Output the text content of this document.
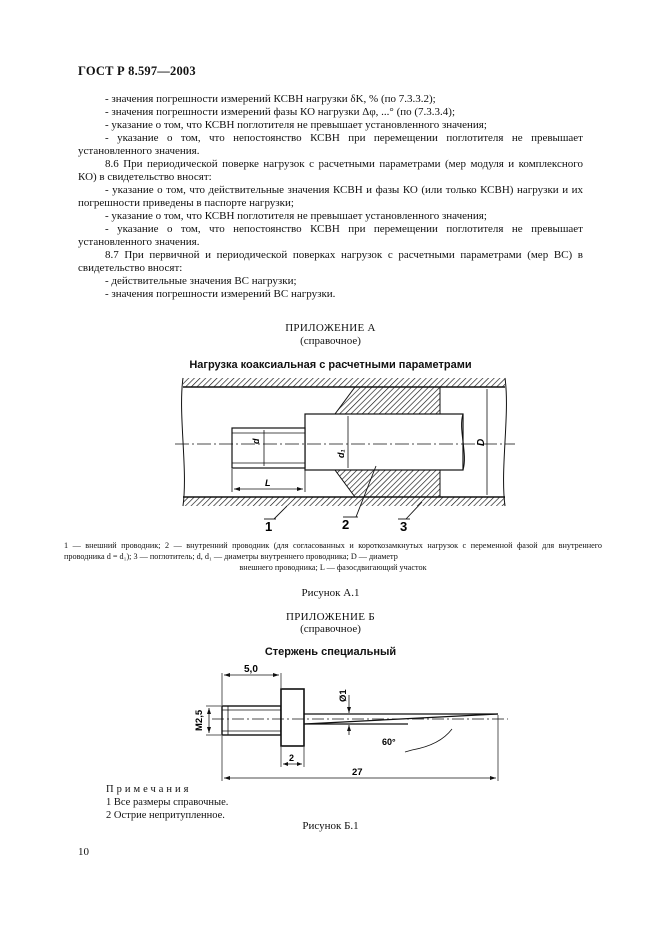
ГОСТ Р 8.597—2003
- значения погрешности измерений КСВН нагрузки δK, % (по 7.3.3.2);
- значения погрешности измерений фазы КО нагрузки Δφ, ...° (по (7.3.3.4);
- указание о том, что КСВН поглотителя не превышает установленного значения;
- указание о том, что непостоянство КСВН при перемещении поглотителя не превышает установленного значения.
8.6 При периодической поверке нагрузок с расчетными параметрами (мер модуля и комплексного КО) в свидетельство вносят:
- указание о том, что действительные значения КСВН и фазы КО (или только КСВН) нагрузки и их погрешности приведены в паспорте нагрузки;
- указание о том, что КСВН поглотителя не превышает установленного значения;
- указание о том, что непостоянство КСВН при перемещении поглотителя не превышает установленного значения.
8.7 При первичной и периодической поверках нагрузок с расчетными параметрами (мер ВС) в свидетельство вносят:
- действительные значения ВС нагрузки;
- значения погрешности измерений ВС нагрузки.
ПРИЛОЖЕНИЕ А
(справочное)
Нагрузка коаксиальная с расчетными параметрами
d
d₁
D
L
1	2	3
1 — внешний проводник; 2 — внутренний проводник (для согласованных и короткозамкнутых нагрузок с переменной фазой для внутреннего проводника d = d₁); 3 — поглотитель; d, d₁ — диаметры внутреннего проводника; D — диаметр
внешнего проводника; L — фазосдвигающий участок
Рисунок А.1
ПРИЛОЖЕНИЕ Б
(справочное)
Стержень специальный
5,0
M2,5
Ø1
60°
2
27
Примечания
1 Все размеры справочные.
2 Острие непритупленное.
Рисунок Б.1
10
